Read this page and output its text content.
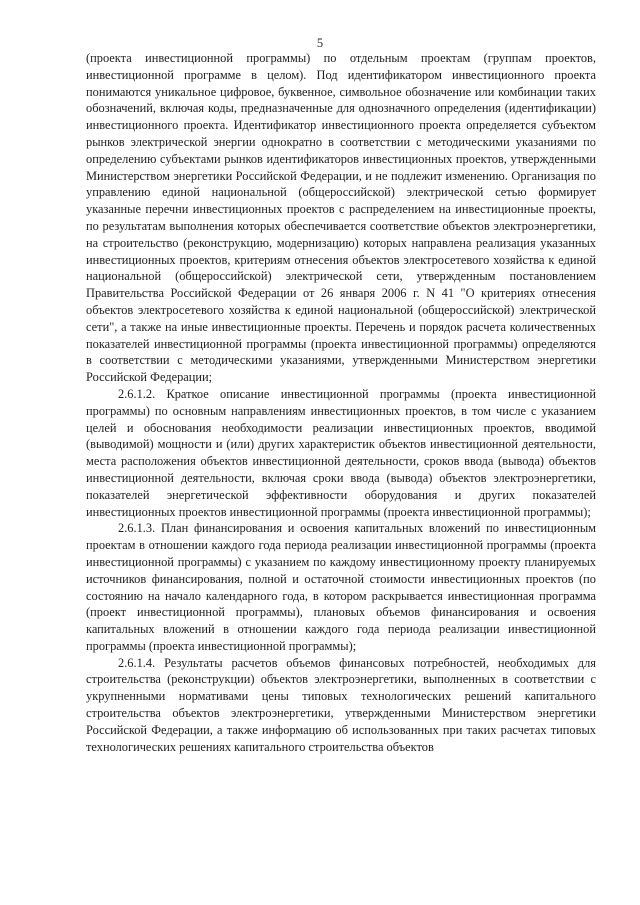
5

(проекта инвестиционной программы) по отдельным проектам (группам проектов, инвестиционной программе в целом). Под идентификатором инвестиционного проекта понимаются уникальное цифровое, буквенное, символьное обозначение или комбинации таких обозначений, включая коды, предназначенные для однозначного определения (идентификации) инвестиционного проекта. Идентификатор инвестиционного проекта определяется субъектом рынков электрической энергии однократно в соответствии с методическими указаниями по определению субъектами рынков идентификаторов инвестиционных проектов, утвержденными Министерством энергетики Российской Федерации, и не подлежит изменению. Организация по управлению единой национальной (общероссийской) электрической сетью формирует указанные перечни инвестиционных проектов с распределением на инвестиционные проекты, по результатам выполнения которых обеспечивается соответствие объектов электроэнергетики, на строительство (реконструкцию, модернизацию) которых направлена реализация указанных инвестиционных проектов, критериям отнесения объектов электросетевого хозяйства к единой национальной (общероссийской) электрической сети, утвержденным постановлением Правительства Российской Федерации от 26 января 2006 г. N 41 "О критериях отнесения объектов электросетевого хозяйства к единой национальной (общероссийской) электрической сети", а также на иные инвестиционные проекты. Перечень и порядок расчета количественных показателей инвестиционной программы (проекта инвестиционной программы) определяются в соответствии с методическими указаниями, утвержденными Министерством энергетики Российской Федерации;

2.6.1.2. Краткое описание инвестиционной программы (проекта инвестиционной программы) по основным направлениям инвестиционных проектов, в том числе с указанием целей и обоснования необходимости реализации инвестиционных проектов, вводимой (выводимой) мощности и (или) других характеристик объектов инвестиционной деятельности, места расположения объектов инвестиционной деятельности, сроков ввода (вывода) объектов инвестиционной деятельности, включая сроки ввода (вывода) объектов электроэнергетики, показателей энергетической эффективности оборудования и других показателей инвестиционных проектов инвестиционной программы (проекта инвестиционной программы);

2.6.1.3. План финансирования и освоения капитальных вложений по инвестиционным проектам в отношении каждого года периода реализации инвестиционной программы (проекта инвестиционной программы) с указанием по каждому инвестиционному проекту планируемых источников финансирования, полной и остаточной стоимости инвестиционных проектов (по состоянию на начало календарного года, в котором раскрывается инвестиционная программа (проект инвестиционной программы), плановых объемов финансирования и освоения капитальных вложений в отношении каждого года периода реализации инвестиционной программы (проекта инвестиционной программы);

2.6.1.4. Результаты расчетов объемов финансовых потребностей, необходимых для строительства (реконструкции) объектов электроэнергетики, выполненных в соответствии с укрупненными нормативами цены типовых технологических решений капитального строительства объектов электроэнергетики, утвержденными Министерством энергетики Российской Федерации, а также информацию об использованных при таких расчетах типовых технологических решениях капитального строительства объектов
